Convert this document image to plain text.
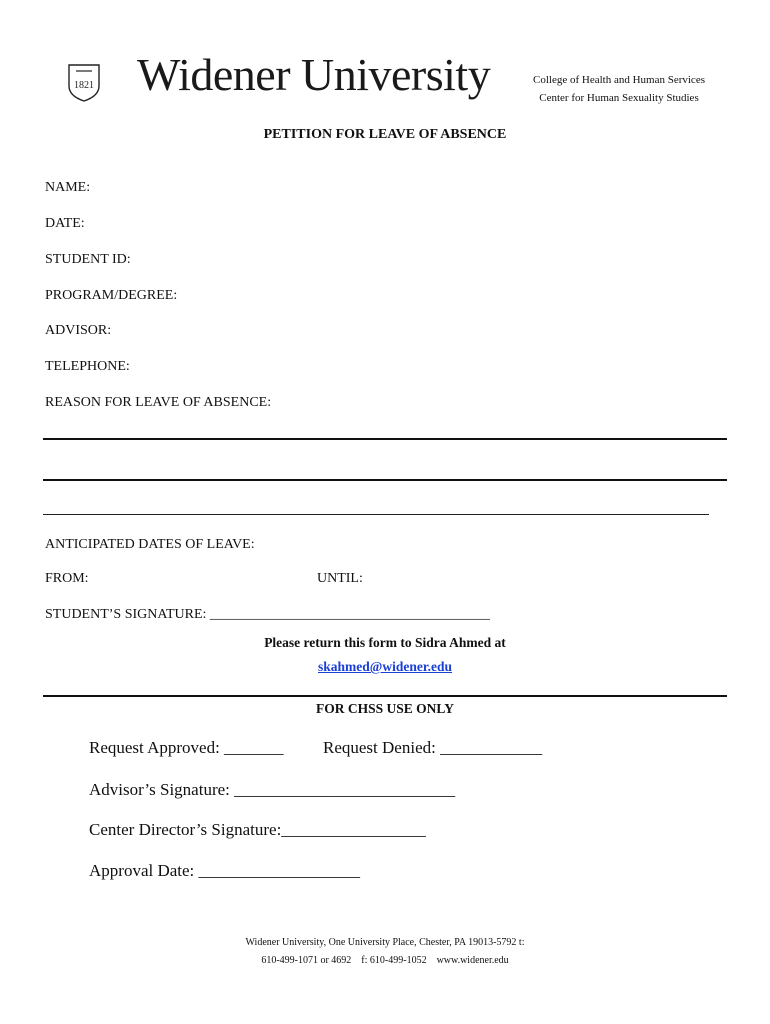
1821 Widener University	College of Health and Human Services
Center for Human Sexuality Studies
PETITION FOR LEAVE OF ABSENCE
NAME:
DATE:
STUDENT ID:
PROGRAM/DEGREE:
ADVISOR:
TELEPHONE:
REASON FOR LEAVE OF ABSENCE:
ANTICIPATED DATES OF LEAVE:
FROM:	UNTIL:
STUDENT’S SIGNATURE: ________________________________________
Please return this form to Sidra Ahmed at
skahmed@widener.edu
FOR CHSS USE ONLY
Request Approved: _______ Request Denied: ____________
Advisor’s Signature: __________________________
Center Director’s Signature:_________________
Approval Date: ___________________
Widener University, One University Place, Chester, PA 19013-5792 t:
610-499-1071 or 4692    f: 610-499-1052    www.widener.edu
